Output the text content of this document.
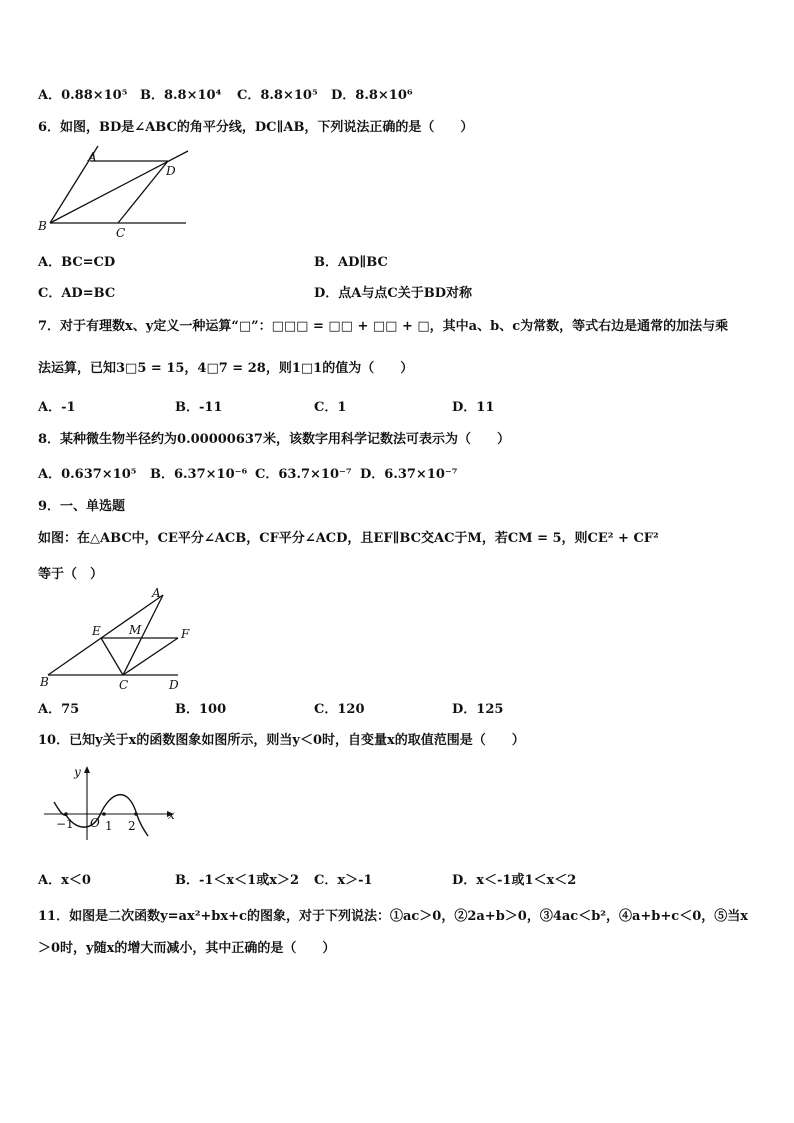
A．0.88×10⁵ B．8.8×10⁴ C．8.8×10⁵ D．8.8×10⁶
6．如图，BD是∠ABC的角平分线，DC∥AB，下列说法正确的是（　　）
A
B	C
D
A．BC=CD	B．AD∥BC
C．AD=BC	D．点A与点C关于BD对称
7．对于有理数x、y定义一种运算“□”：□□□ = □□ + □□ + □，其中a、b、c为常数，等式右边是通常的加法与乘
法运算，已知3□5 = 15，4□7 = 28，则1□1的值为（　　）
A．-1	B．-11	C．1	D．11
8．某种微生物半径约为0.00000637米，该数字用科学记数法可表示为（　　）
A．0.637×10⁵ B．6.37×10⁻⁶ C．63.7×10⁻⁷ D．6.37×10⁻⁷
9．一、单选题
如图：在△ABC中，CE平分∠ACB，CF平分∠ACD，且EF∥BC交AC于M，若CM = 5，则CE² + CF²
等于（　）
A
B	C	D
E	F
M
A．75	B．100	C．120	D．125
10．已知y关于x的函数图象如图所示，则当y＜0时，自变量x的取值范围是（　　）
y
x
O
−1	1 2
A．x＜0	B．-1＜x＜1或x＞2 C．x＞-1	D．x＜-1或1＜x＜2
11．如图是二次函数y=ax²+bx+c的图象，对于下列说法：①ac＞0，②2a+b＞0，③4ac＜b²，④a+b+c＜0，⑤当x
＞0时，y随x的增大而减小，其中正确的是（　　）
